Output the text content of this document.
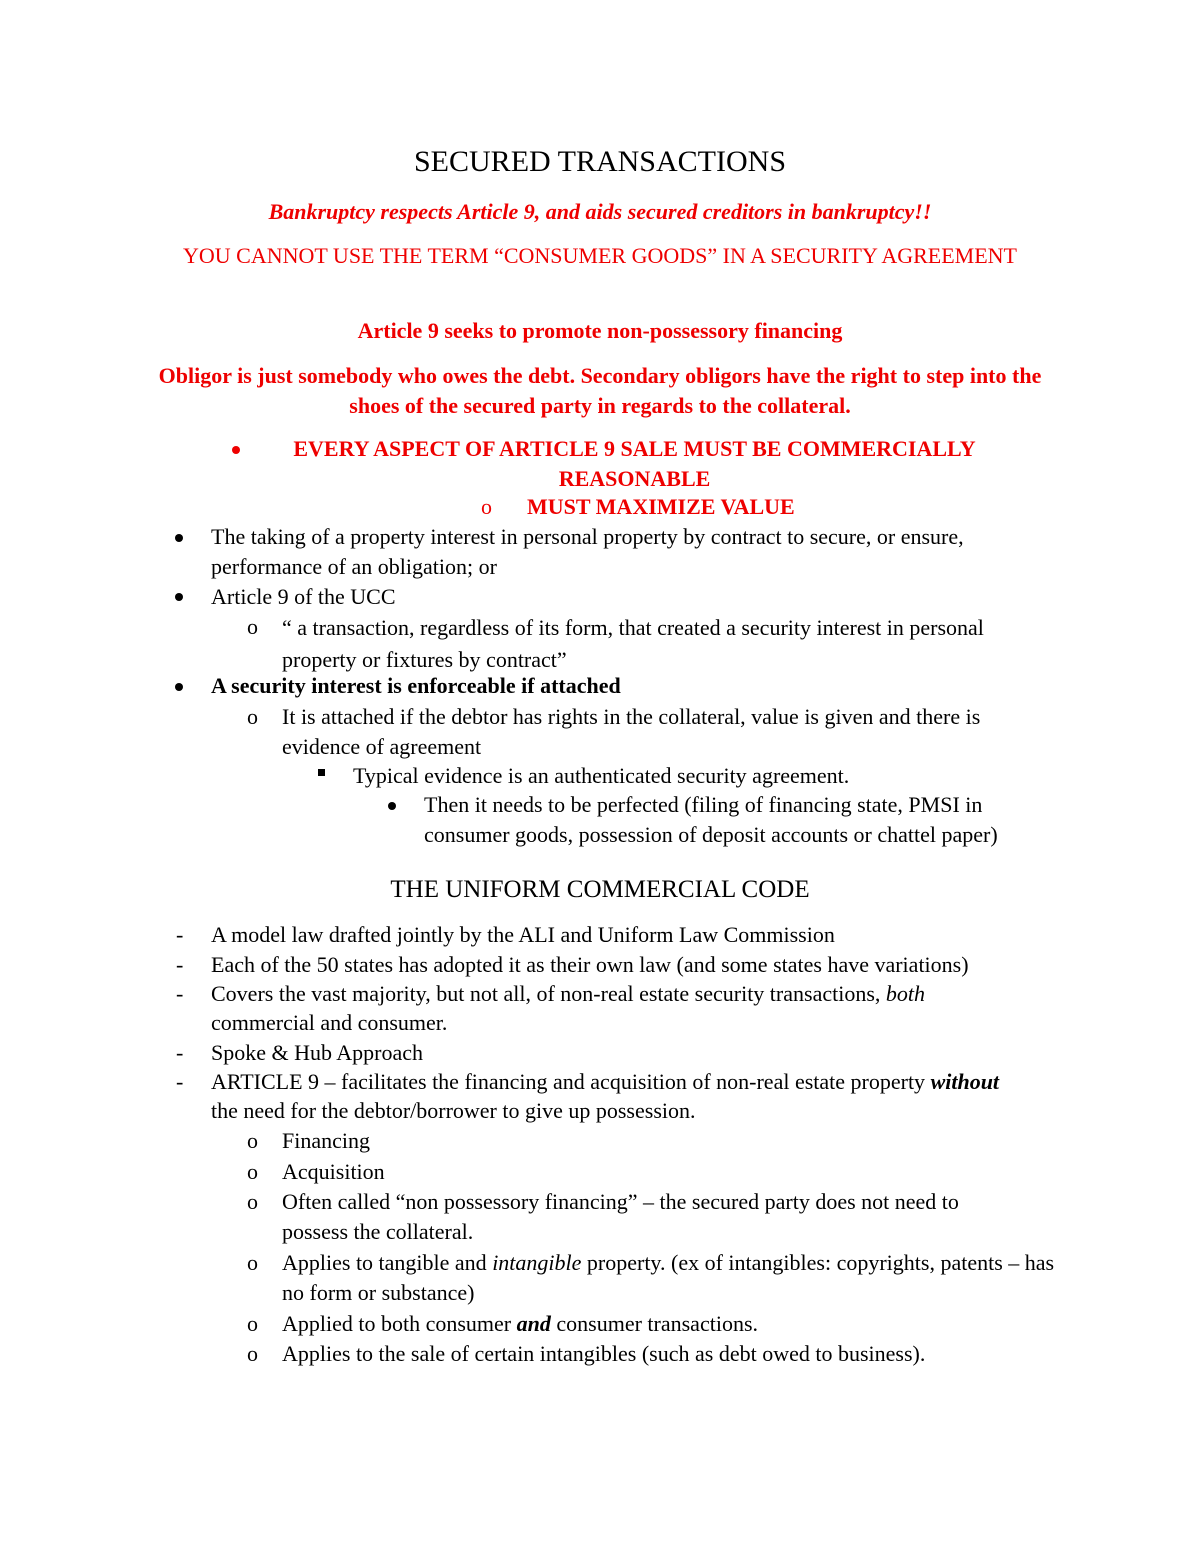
SECURED TRANSACTIONS
Bankruptcy respects Article 9, and aids secured creditors in bankruptcy!!
YOU CANNOT USE THE TERM “CONSUMER GOODS” IN A SECURITY AGREEMENT
Article 9 seeks to promote non-possessory financing
Obligor is just somebody who owes the debt. Secondary obligors have the right to step into the shoes of the secured party in regards to the collateral.
EVERY ASPECT OF ARTICLE 9 SALE MUST BE COMMERCIALLY REASONABLE
o MUST MAXIMIZE VALUE
The taking of a property interest in personal property by contract to secure, or ensure, performance of an obligation; or
Article 9 of the UCC
o “ a transaction, regardless of its form, that created a security interest in personal property or fixtures by contract”
A security interest is enforceable if attached
o It is attached if the debtor has rights in the collateral, value is given and there is evidence of agreement
Typical evidence is an authenticated security agreement.
Then it needs to be perfected (filing of financing state, PMSI in consumer goods, possession of deposit accounts or chattel paper)
THE UNIFORM COMMERCIAL CODE
- A model law drafted jointly by the ALI and Uniform Law Commission
- Each of the 50 states has adopted it as their own law (and some states have variations)
- Covers the vast majority, but not all, of non-real estate security transactions, both
commercial and consumer.
- Spoke & Hub Approach
- ARTICLE 9 – facilitates the financing and acquisition of non-real estate property without
the need for the debtor/borrower to give up possession.
o Financing
o Acquisition
o Often called “non possessory financing” – the secured party does not need to possess the collateral.
o Applies to tangible and intangible property. (ex of intangibles: copyrights, patents – has no form or substance)
o Applied to both consumer and consumer transactions.
o Applies to the sale of certain intangibles (such as debt owed to business).
